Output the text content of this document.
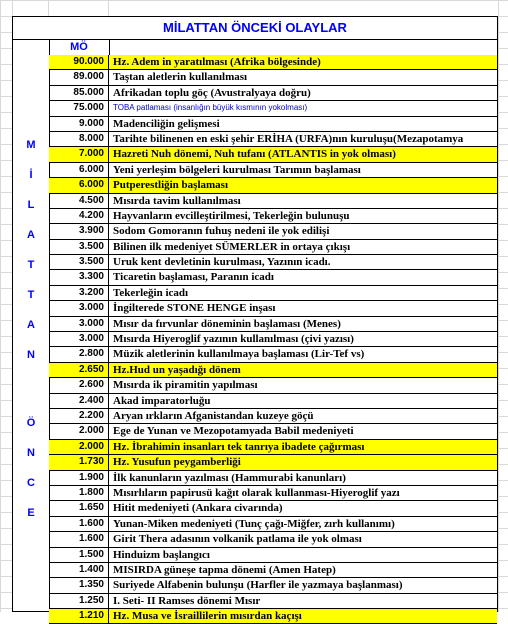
MİLATTAN ÖNCEKİ OLAYLAR
M
İ
L
A
T
T
A
N
Ö
N
C
E
MÖ
90.000 Hz. Adem in yaratılması (Afrika bölgesinde)
89.000 Taştan aletlerin kullanılması
85.000 Afrikadan toplu göç (Avustralyaya doğru)
75.000	TOBA patlaması (insanlığın büyük kısmının yokolması)
9.000 Madenciliğin gelişmesi
8.000 Tarihte bilinenen en eski şehir ERİHA (URFA)nın kuruluşu(Mezapotamya
7.000 Hazreti Nuh dönemi, Nuh tufanı (ATLANTIS in yok olması)
6.000 Yeni yerleşim bölgeleri kurulması Tarımın başlaması
6.000 Putperestliğin başlaması
4.500 Mısırda tavim kullanılması
4.200 Hayvanların evcilleştirilmesi, Tekerleğin bulunuşu
3.900 Sodom Gomoranın fuhuş nedeni ile yok edilişi
3.500 Bilinen ilk medeniyet SÜMERLER in ortaya çıkışı
3.500 Uruk kent devletinin kurulması, Yazının icadı.
3.300 Ticaretin başlaması, Paranın icadı
3.200 Tekerleğin icadı
3.000 İngilterede STONE HENGE inşası
3.000 Mısır da fırvunlar döneminin başlaması (Menes)
3.000 Mısırda Hiyeroglif yazının kullanılması (çivi yazısı)
2.800 Müzik aletlerinin kullanılmaya başlaması (Lir-Tef vs)
2.650 Hz.Hud un yaşadığı dönem
2.600 Mısırda ik piramitin yapılması
2.400 Akad imparatorluğu
2.200 Aryan ırkların Afganistandan kuzeye göçü
2.000 Ege de Yunan ve Mezopotamyada Babil medeniyeti
2.000 Hz. İbrahimin insanları tek tanrıya ibadete çağırması
1.730 Hz. Yusufun peygamberliği
1.900 İlk kanunların yazılması (Hammurabi kanunları)
1.800 Mısırlıların papirusü kağıt olarak kullanması-Hiyeroglif yazı
1.650 Hitit medeniyeti (Ankara civarında)
1.600 Yunan-Miken medeniyeti (Tunç çağı-Miğfer, zırh kullanımı)
1.600 Girit Thera adasının volkanik patlama ile yok olması
1.500 Hinduizm başlangıcı
1.400 MISIRDA güneşe tapma dönemi (Amen Hatep)
1.350 Suriyede Alfabenin bulunşu (Harfler ile yazmaya başlanması)
1.250 I. Seti- II Ramses dönemi Mısır
1.210 Hz. Musa ve İsraillilerin mısırdan kaçışı
